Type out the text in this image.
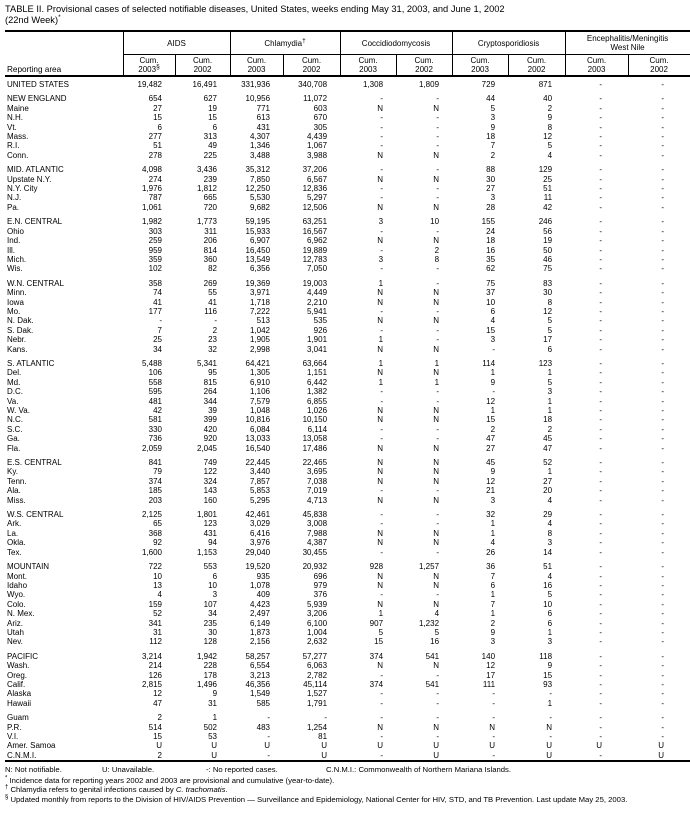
TABLE II. Provisional cases of selected notifiable diseases, United States, weeks ending May 31, 2003, and June 1, 2002
(22nd Week)*
Reporting area	AIDS		Chlamydia†		Coccidiodomycosis		Cryptosporidiosis		Encephalitis/Meningitis
West Nile	
	Cum.
2003§	Cum.
2002	Cum.
2003	Cum.
2002	Cum.
2003	Cum.
2002	Cum.
2003	Cum.
2002	Cum.
2003	Cum.
2002
UNITED STATES	19,482	16,491	331,936	340,708	1,308	1,809	729	871	-	-

NEW ENGLAND	654	627	10,956	11,072	-	-	44	40	-	-
Maine	27	19	771	603	N	N	5	2	-	-
N.H.	15	15	613	670	-	-	3	9	-	-
Vt.	6	6	431	305	-	-	9	8	-	-
Mass.	277	313	4,307	4,439	-	-	18	12	-	-
R.I.	51	49	1,346	1,067	-	-	7	5	-	-
Conn.	278	225	3,488	3,988	N	N	2	4	-	-

MID. ATLANTIC	4,098	3,436	35,312	37,206	-	-	88	129	-	-
Upstate N.Y.	274	239	7,850	6,567	N	N	30	25	-	-
N.Y. City	1,976	1,812	12,250	12,836	-	-	27	51	-	-
N.J.	787	665	5,530	5,297	-	-	3	11	-	-
Pa.	1,061	720	9,682	12,506	N	N	28	42	-	-

E.N. CENTRAL	1,982	1,773	59,195	63,251	3	10	155	246	-	-
Ohio	303	311	15,933	16,567	-	-	24	56	-	-
Ind.	259	206	6,907	6,962	N	N	18	19	-	-
Ill.	959	814	16,450	19,889	-	2	16	50	-	-
Mich.	359	360	13,549	12,783	3	8	35	46	-	-
Wis.	102	82	6,356	7,050	-	-	62	75	-	-

W.N. CENTRAL	358	269	19,369	19,003	1	-	75	83	-	-
Minn.	74	55	3,971	4,449	N	N	37	30	-	-
Iowa	41	41	1,718	2,210	N	N	10	8	-	-
Mo.	177	116	7,222	5,941	-	-	6	12	-	-
N. Dak.	-	-	513	535	N	N	4	5	-	-
S. Dak.	7	2	1,042	926	-	-	15	5	-	-
Nebr.	25	23	1,905	1,901	1	-	3	17	-	-
Kans.	34	32	2,998	3,041	N	N	-	6	-	-

S. ATLANTIC	5,488	5,341	64,421	63,664	1	1	114	123	-	-
Del.	106	95	1,305	1,151	N	N	1	1	-	-
Md.	558	815	6,910	6,442	1	1	9	5	-	-
D.C.	595	264	1,106	1,382	-	-	-	3	-	-
Va.	481	344	7,579	6,855	-	-	12	1	-	-
W. Va.	42	39	1,048	1,026	N	N	1	1	-	-
N.C.	581	399	10,816	10,150	N	N	15	18	-	-
S.C.	330	420	6,084	6,114	-	-	2	2	-	-
Ga.	736	920	13,033	13,058	-	-	47	45	-	-
Fla.	2,059	2,045	16,540	17,486	N	N	27	47	-	-

E.S. CENTRAL	841	749	22,445	22,465	N	N	45	52	-	-
Ky.	79	122	3,440	3,695	N	N	9	1	-	-
Tenn.	374	324	7,857	7,038	N	N	12	27	-	-
Ala.	185	143	5,853	7,019	-	-	21	20	-	-
Miss.	203	160	5,295	4,713	N	N	3	4	-	-

W.S. CENTRAL	2,125	1,801	42,461	45,838	-	-	32	29	-	-
Ark.	65	123	3,029	3,008	-	-	1	4	-	-
La.	368	431	6,416	7,988	N	N	1	8	-	-
Okla.	92	94	3,976	4,387	N	N	4	3	-	-
Tex.	1,600	1,153	29,040	30,455	-	-	26	14	-	-

MOUNTAIN	722	553	19,520	20,932	928	1,257	36	51	-	-
Mont.	10	6	935	696	N	N	7	4	-	-
Idaho	13	10	1,078	979	N	N	6	16	-	-
Wyo.	4	3	409	376	-	-	1	5	-	-
Colo.	159	107	4,423	5,939	N	N	7	10	-	-
N. Mex.	52	34	2,497	3,206	1	4	1	6	-	-
Ariz.	341	235	6,149	6,100	907	1,232	2	6	-	-
Utah	31	30	1,873	1,004	5	5	9	1	-	-
Nev.	112	128	2,156	2,632	15	16	3	3	-	-

PACIFIC	3,214	1,942	58,257	57,277	374	541	140	118	-	-
Wash.	214	228	6,554	6,063	N	N	12	9	-	-
Oreg.	126	178	3,213	2,782	-	-	17	15	-	-
Calif.	2,815	1,496	46,356	45,114	374	541	111	93	-	-
Alaska	12	9	1,549	1,527	-	-	-	-	-	-
Hawaii	47	31	585	1,791	-	-	-	1	-	-

Guam	2	1	-	-	-	-	-	-	-	-
P.R.	514	502	483	1,254	N	N	N	N	-	-
V.I.	15	53	-	81	-	-	-	-	-	-
Amer. Samoa	U	U	U	U	U	U	U	U	U	U
C.N.M.I.	2	U	-	U	-	U	-	U	-	U
N: Not notifiable.	U: Unavailable.	-: No reported cases.	C.N.M.I.: Commonwealth of Northern Mariana Islands.
* Incidence data for reporting years 2002 and 2003 are provisional and cumulative (year-to-date).
† Chlamydia refers to genital infections caused by C. trachomatis.
§ Updated monthly from reports to the Division of HIV/AIDS Prevention — Surveillance and Epidemiology, National Center for HIV, STD, and TB Prevention. Last update May 25, 2003.
